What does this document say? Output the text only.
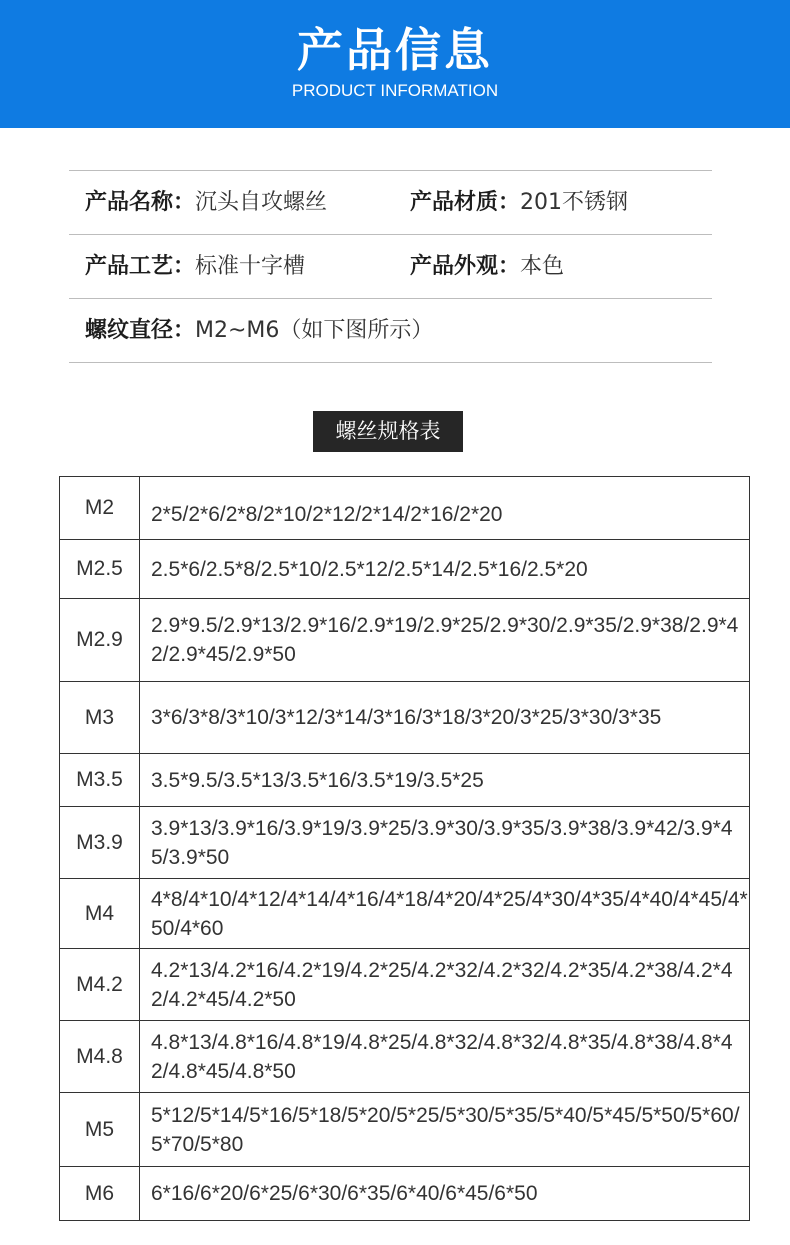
产品信息
PRODUCT INFORMATION
产品名称：沉头自攻螺丝	产品材质：201不锈钢
产品工艺：标准十字槽	产品外观：本色
螺纹直径：M2~M6（如下图所示）
螺丝规格表
M2	2*5/2*6/2*8/2*10/2*12/2*14/2*16/2*20
M2.5	2.5*6/2.5*8/2.5*10/2.5*12/2.5*14/2.5*16/2.5*20
M2.9	2.9*9.5/2.9*13/2.9*16/2.9*19/2.9*25/2.9*30/2.9*35/2.9*38/2.9*42/2.9*45/2.9*50
M3	3*6/3*8/3*10/3*12/3*14/3*16/3*18/3*20/3*25/3*30/3*35
M3.5	3.5*9.5/3.5*13/3.5*16/3.5*19/3.5*25
M3.9	3.9*13/3.9*16/3.9*19/3.9*25/3.9*30/3.9*35/3.9*38/3.9*42/3.9*45/3.9*50
M4	4*8/4*10/4*12/4*14/4*16/4*18/4*20/4*25/4*30/4*35/4*40/4*45/4*50/4*60
M4.2	4.2*13/4.2*16/4.2*19/4.2*25/4.2*32/4.2*32/4.2*35/4.2*38/4.2*42/4.2*45/4.2*50
M4.8	4.8*13/4.8*16/4.8*19/4.8*25/4.8*32/4.8*32/4.8*35/4.8*38/4.8*42/4.8*45/4.8*50
M5	5*12/5*14/5*16/5*18/5*20/5*25/5*30/5*35/5*40/5*45/5*50/5*60/5*70/5*80
M6	6*16/6*20/6*25/6*30/6*35/6*40/6*45/6*50
